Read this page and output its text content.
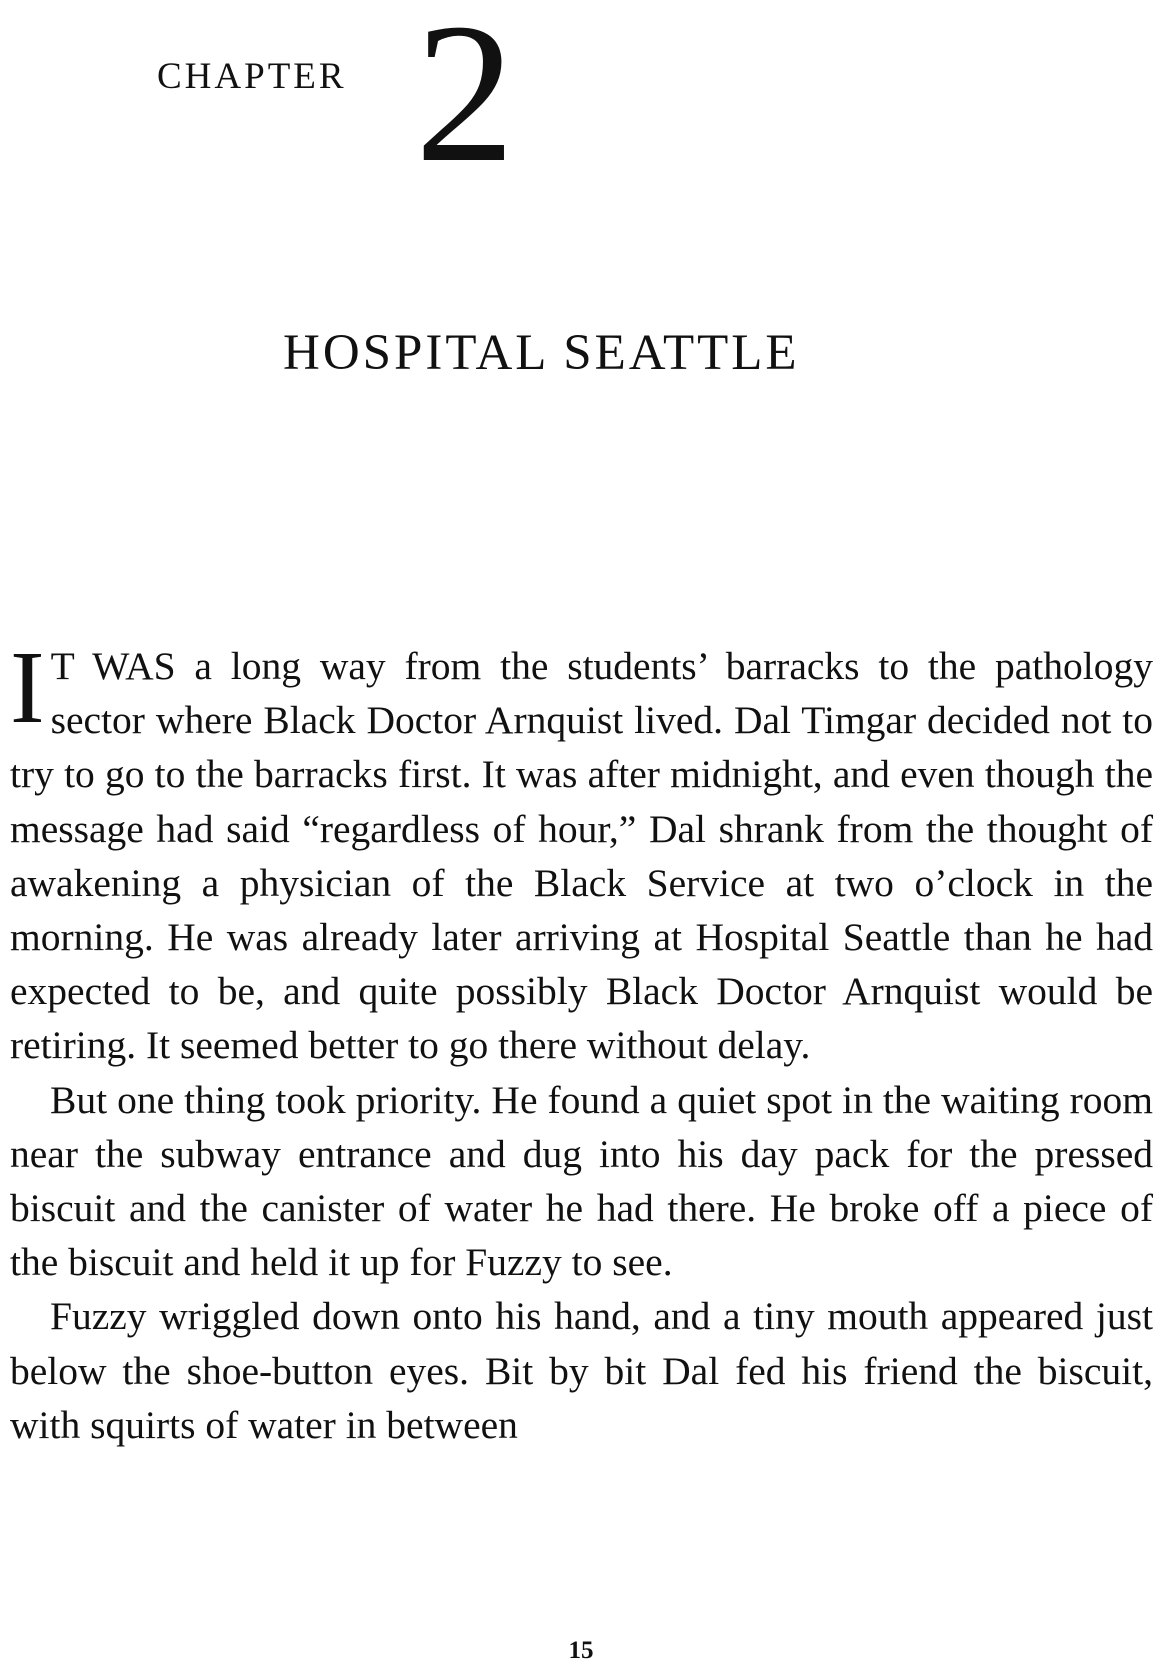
CHAPTER 2
HOSPITAL SEATTLE

I T WAS a long way from the students’ barracks to the pathology sector where Black Doctor Arnquist lived. Dal Timgar decided not to try to go to the barracks first. It was after midnight, and even though the message had said “regardless of hour,” Dal shrank from the thought of awakening a physician of the Black Service at two o’clock in the morning. He was already later arriving at Hospital Seattle than he had expected to be, and quite possibly Black Doctor Arnquist would be retiring. It seemed better to go there without delay.

But one thing took priority. He found a quiet spot in the waiting room near the subway entrance and dug into his day pack for the pressed biscuit and the canister of water he had there. He broke off a piece of the biscuit and held it up for Fuzzy to see.

Fuzzy wriggled down onto his hand, and a tiny mouth appeared just below the shoe-button eyes. Bit by bit Dal fed his friend the biscuit, with squirts of water in between

15
